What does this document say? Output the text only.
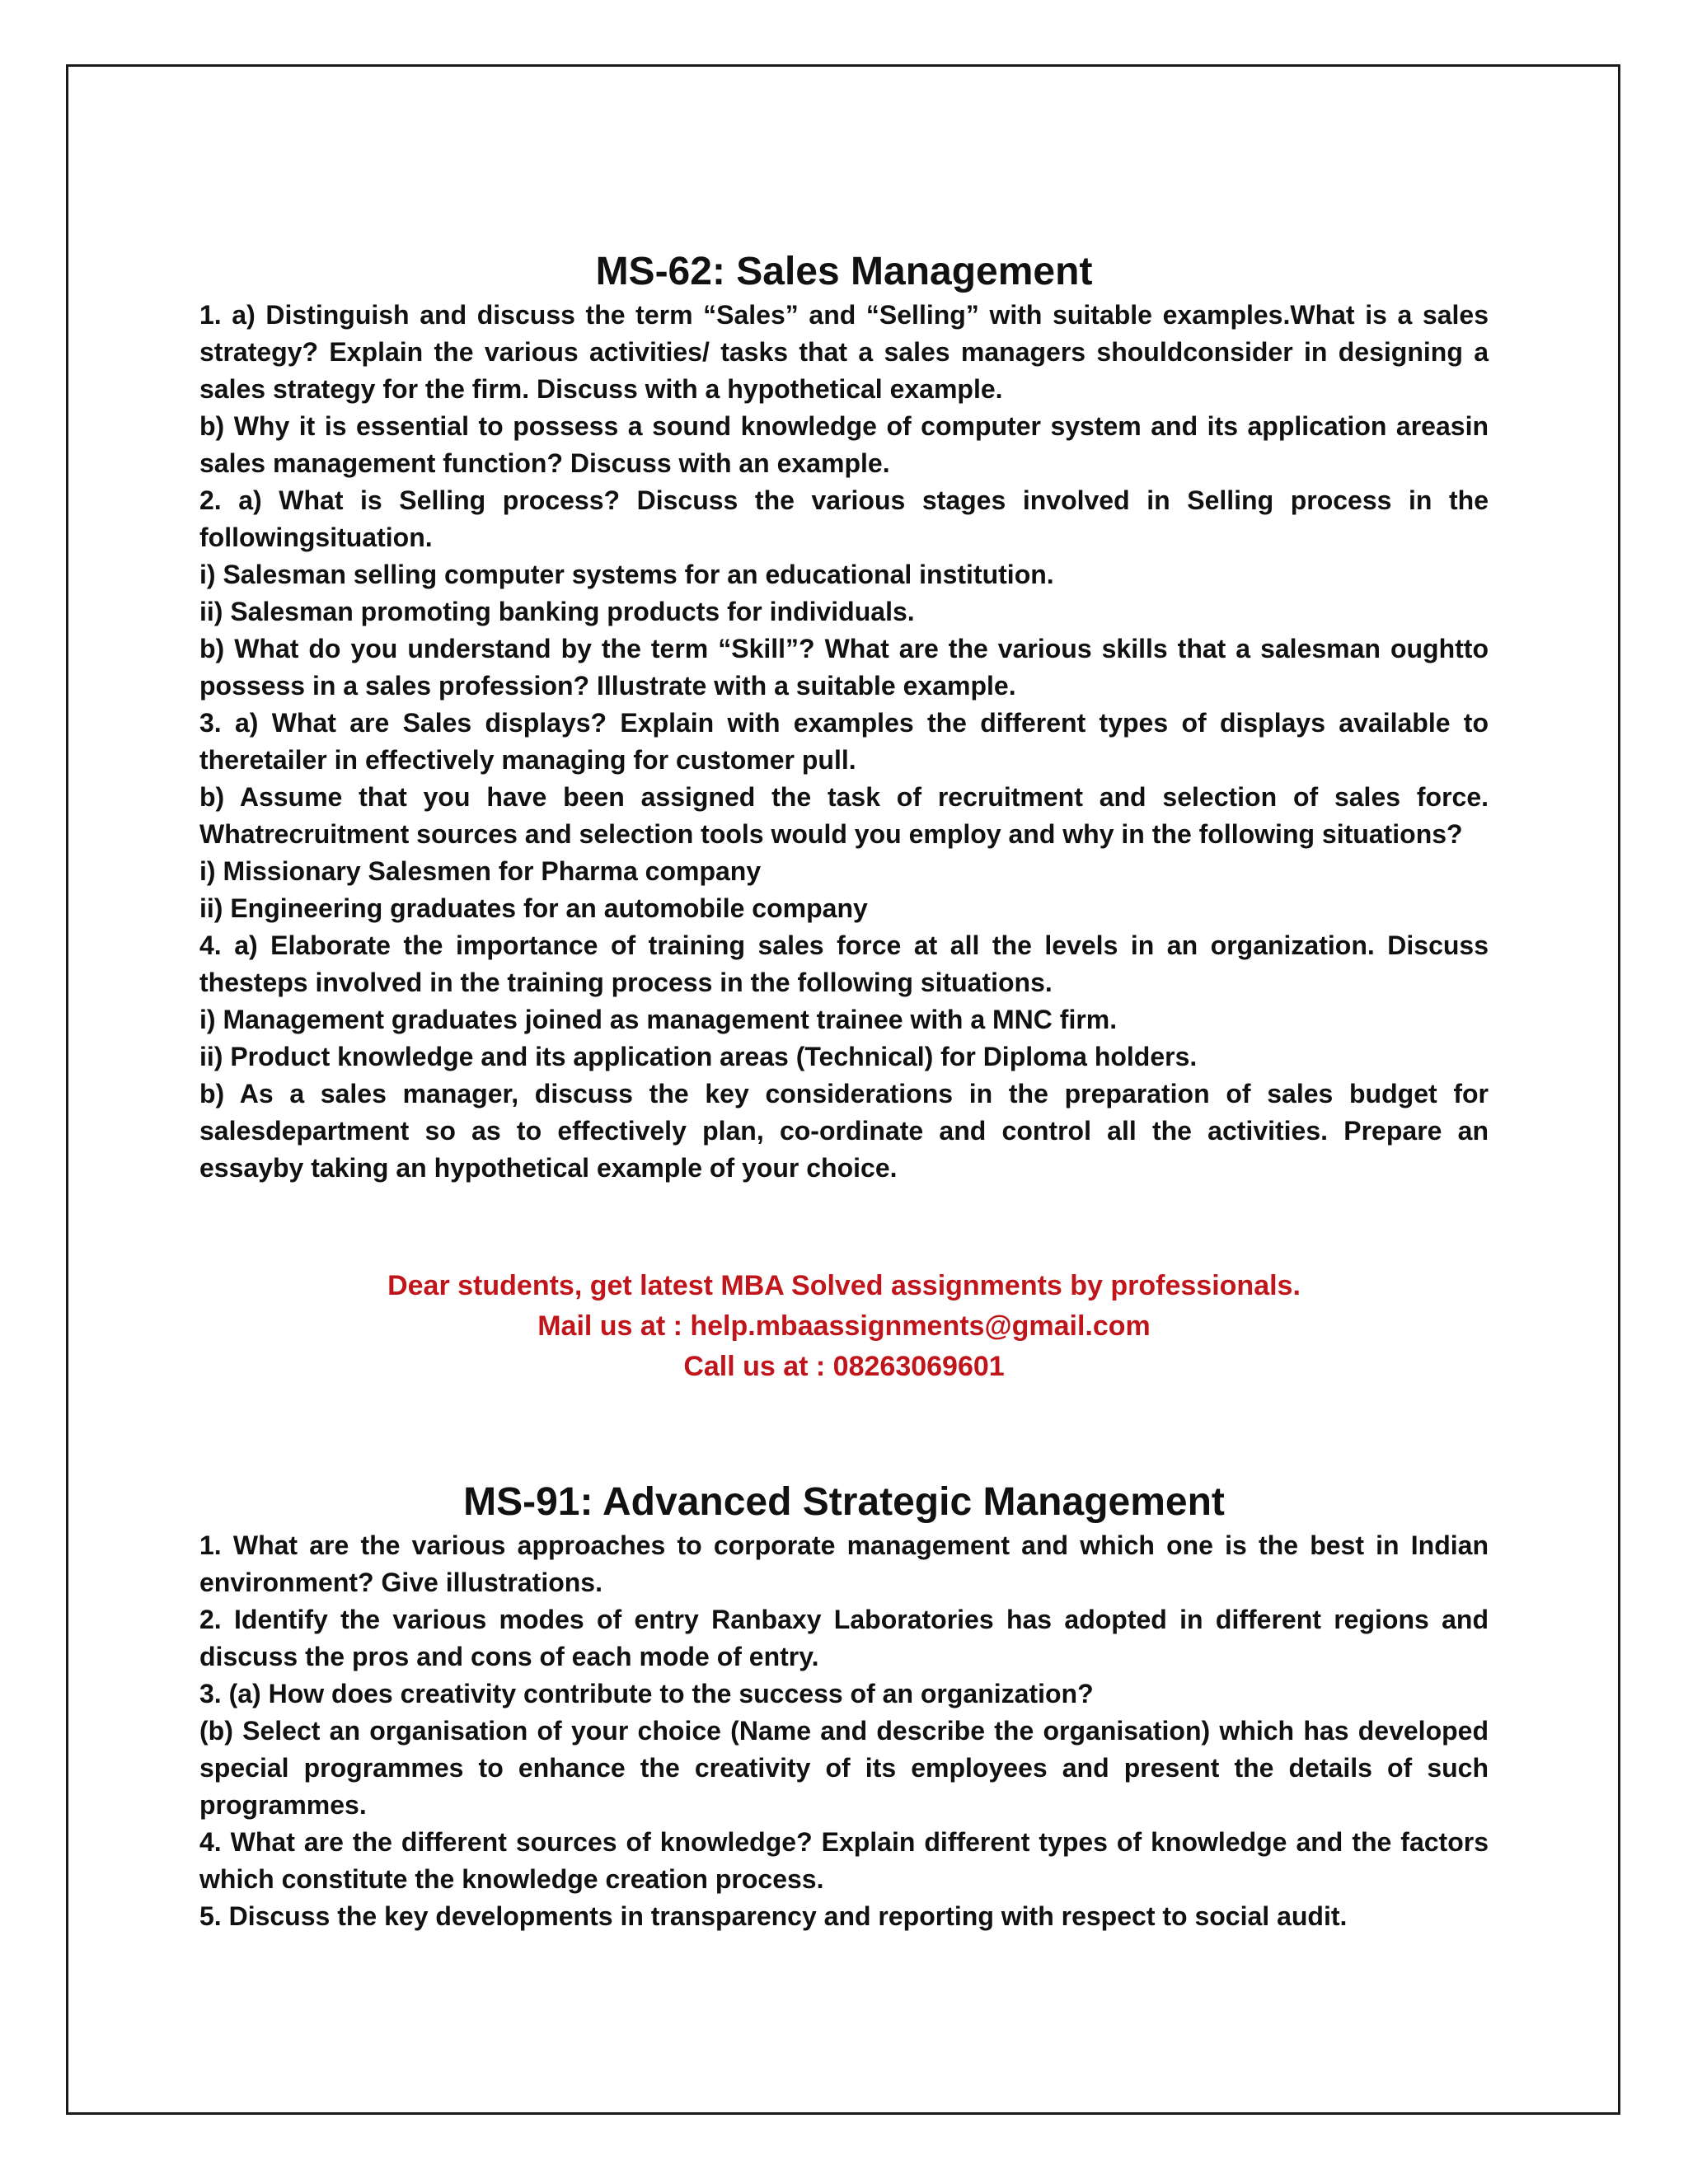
MS-62: Sales Management

1. a) Distinguish and discuss the term “Sales” and “Selling” with suitable examples.What is a sales strategy? Explain the various activities/ tasks that a sales managers shouldconsider in designing a sales strategy for the firm. Discuss with a hypothetical example.

b) Why it is essential to possess a sound knowledge of computer system and its application areasin sales management function? Discuss with an example.

2. a) What is Selling process? Discuss the various stages involved in Selling process in the followingsituation.

i) Salesman selling computer systems for an educational institution.

ii) Salesman promoting banking products for individuals.

b) What do you understand by the term “Skill”? What are the various skills that a salesman oughtto possess in a sales profession? Illustrate with a suitable example.

3. a) What are Sales displays? Explain with examples the different types of displays available to theretailer in effectively managing for customer pull.

b) Assume that you have been assigned the task of recruitment and selection of sales force. Whatrecruitment sources and selection tools would you employ and why in the following situations?

i) Missionary Salesmen for Pharma company

ii) Engineering graduates for an automobile company

4. a) Elaborate the importance of training sales force at all the levels in an organization. Discuss thesteps involved in the training process in the following situations.

i) Management graduates joined as management trainee with a MNC firm.

ii) Product knowledge and its application areas (Technical) for Diploma holders.

b) As a sales manager, discuss the key considerations in the preparation of sales budget for salesdepartment so as to effectively plan, co-ordinate and control all the activities. Prepare an essayby taking an hypothetical example of your choice.

Dear students, get latest MBA Solved assignments by professionals.

Mail us at : help.mbaassignments@gmail.com

Call us at : 08263069601

MS-91: Advanced Strategic Management

1. What are the various approaches to corporate management and which one is the best in Indian environment? Give illustrations.

2. Identify the various modes of entry Ranbaxy Laboratories has adopted in different regions and discuss the pros and cons of each mode of entry.

3. (a) How does creativity contribute to the success of an organization?

(b) Select an organisation of your choice (Name and describe the organisation) which has developed special programmes to enhance the creativity of its employees and present the details of such programmes.

4. What are the different sources of knowledge? Explain different types of knowledge and the factors which constitute the knowledge creation process.

5. Discuss the key developments in transparency and reporting with respect to social audit.
